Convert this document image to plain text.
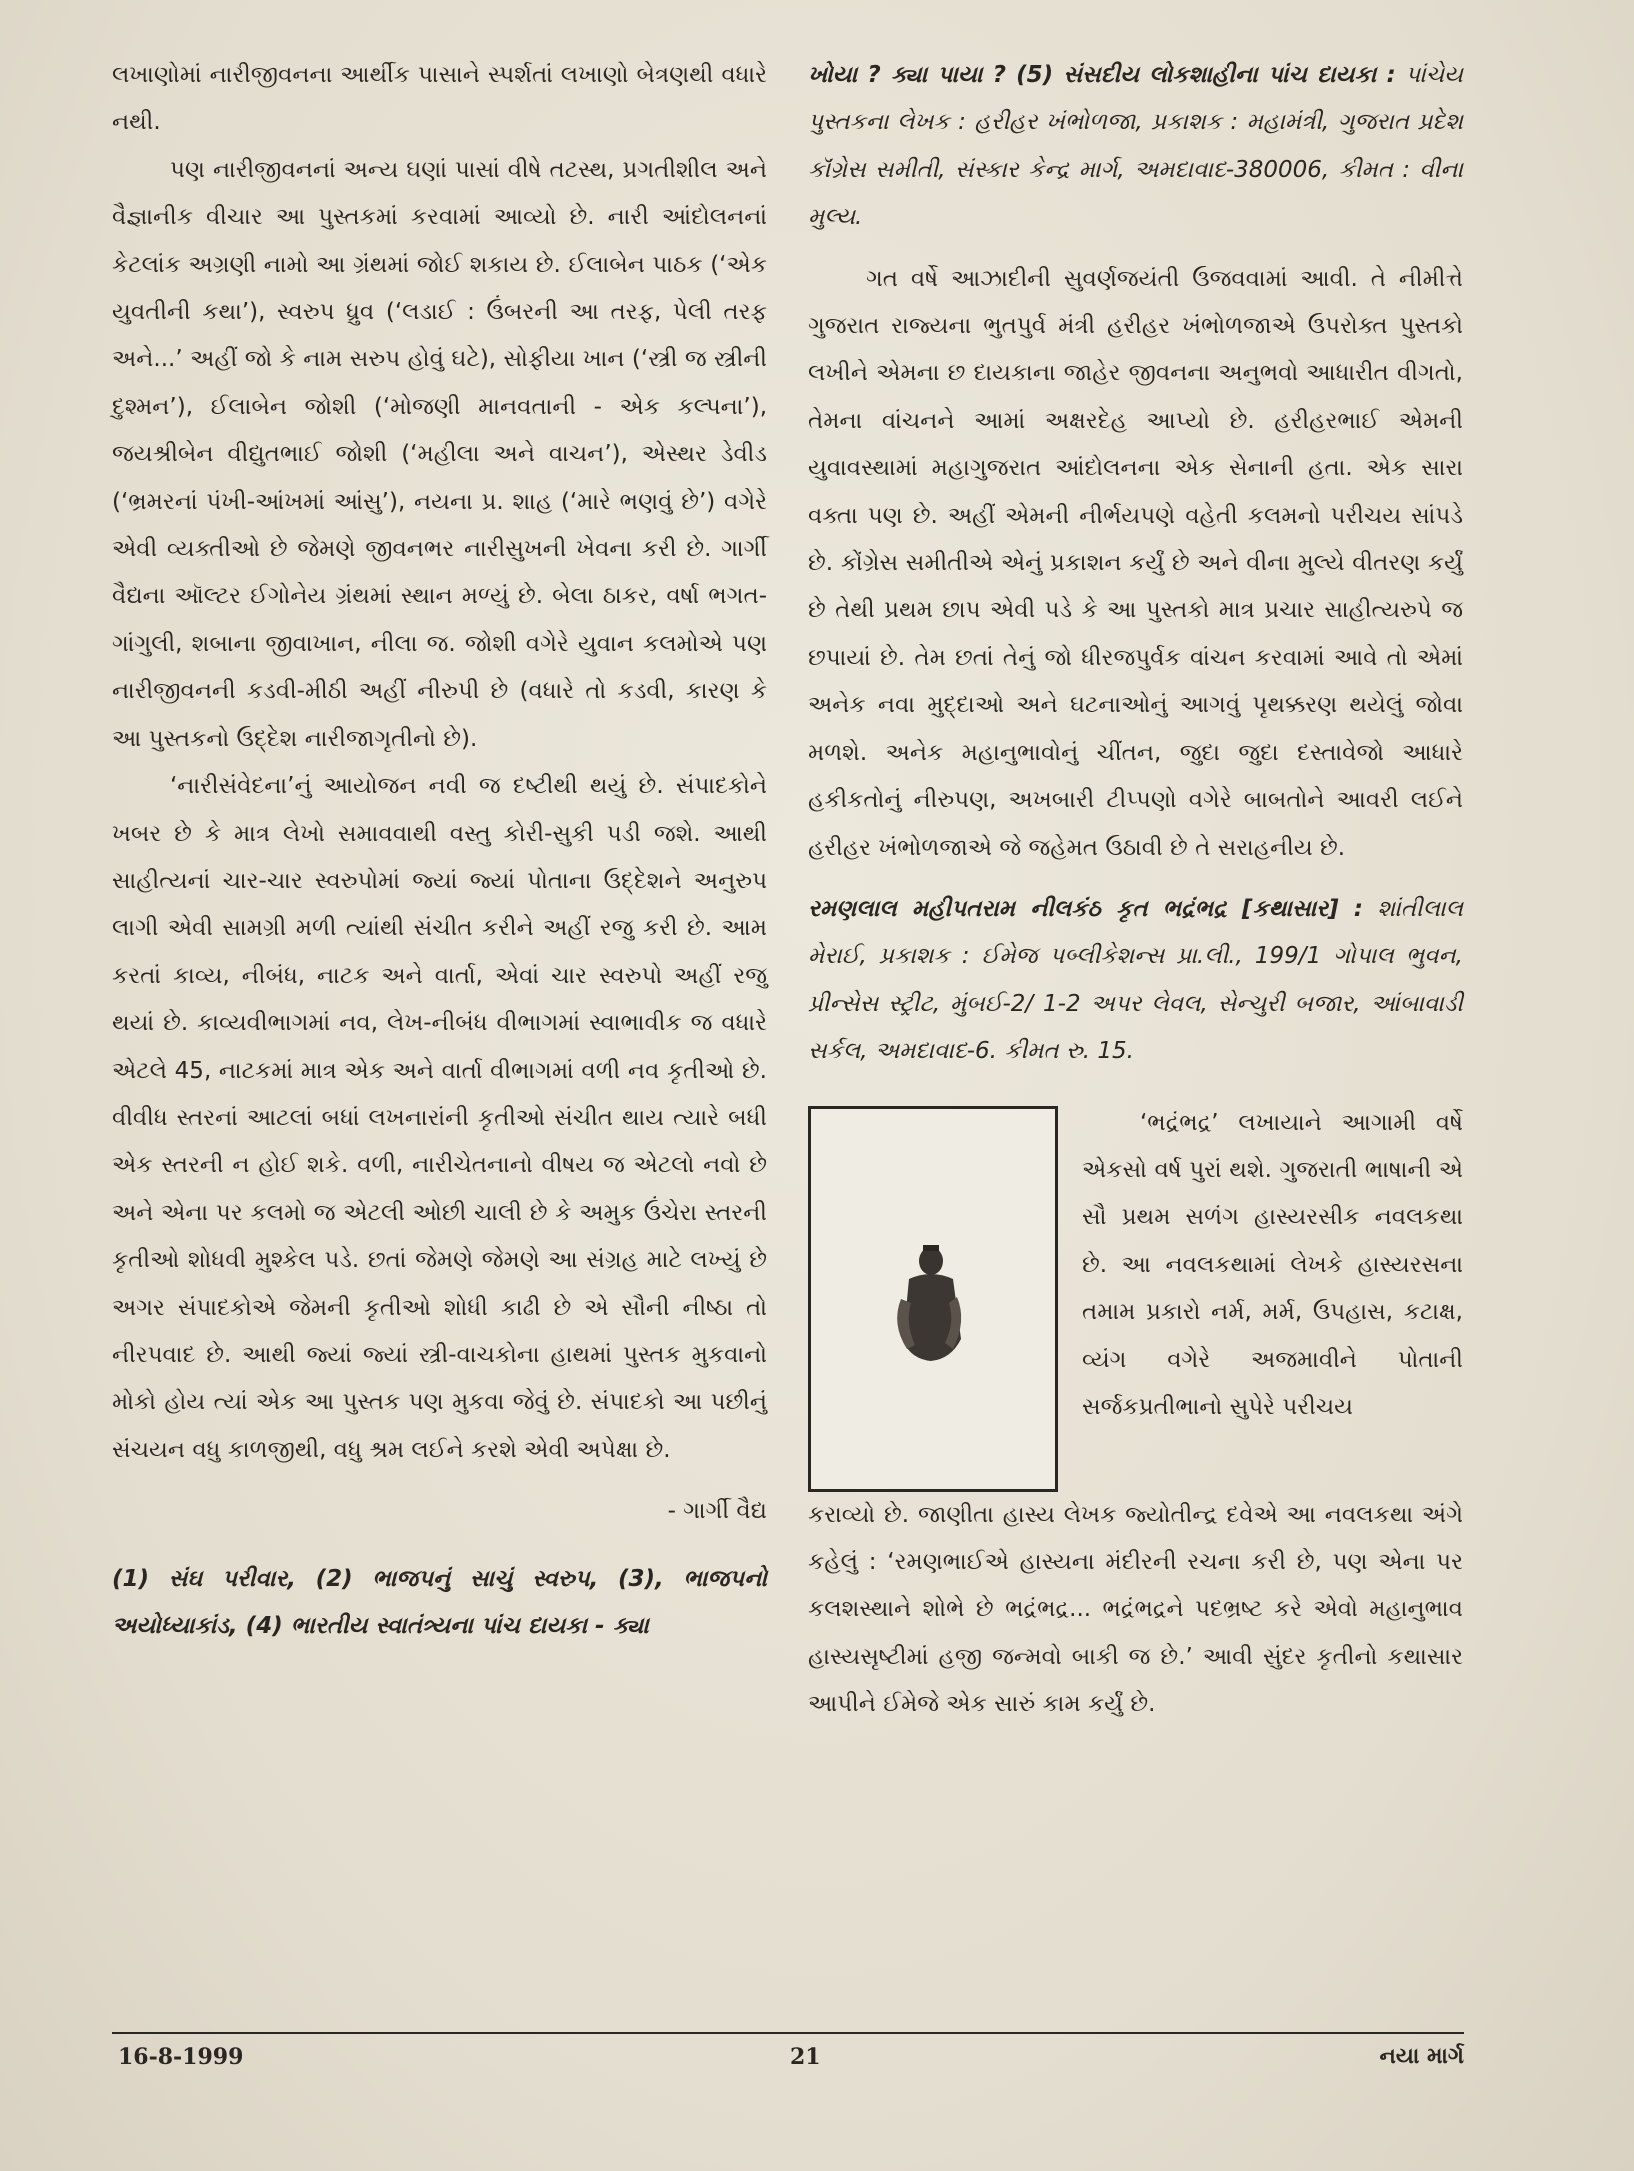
લખાણોમાં નારીજીવનના આર્થીક પાસાને સ્પર્શતાં લખાણો બેત્રણથી વધારે નથી.

પણ નારીજીવનનાં અન્ય ઘણાં પાસાં વીષે તટસ્થ, પ્રગતીશીલ અને વૈજ્ઞાનીક વીચાર આ પુસ્તકમાં કરવામાં આવ્યો છે. નારી આંદોલનનાં કેટલાંક અગ્રણી નામો આ ગ્રંથમાં જોઈ શકાય છે. ઈલાબેન પાઠક (‘એક યુવતીની કથા’), સ્વરુપ ધ્રુવ (‘લડાઈ : ઉંબરની આ તરફ, પેલી તરફ અને...’ અહીં જો કે નામ સરુપ હોવું ઘટે), સોફીયા ખાન (‘સ્ત્રી જ સ્ત્રીની દુશ્મન’), ઈલાબેન જોશી (‘મોજણી માનવતાની - એક કલ્પના’), જયશ્રીબેન વીદ્યુતભાઈ જોશી (‘મહીલા અને વાચન’), એસ્થર ડેવીડ (‘ભ્રમરનાં પંખી-આંખમાં આંસુ’), નયના પ્ર. શાહ (‘મારે ભણવું છે’) વગેરે એવી વ્યક્તીઓ છે જેમણે જીવનભર નારીસુખની ખેવના કરી છે. ગાર્ગી વૈદ્યના ઑલ્ટર ઈગોનેય ગ્રંથમાં સ્થાન મળ્યું છે. બેલા ઠાકર, વર્ષા ભગત-ગાંગુલી, શબાના જીવાખાન, નીલા જ. જોશી વગેરે યુવાન કલમોએ પણ નારીજીવનની કડવી-મીઠી અહીં નીરુપી છે (વધારે તો કડવી, કારણ કે આ પુસ્તકનો ઉદ્દેશ નારીજાગૃતીનો છે).

‘નારીસંવેદના’નું આયોજન નવી જ દષ્ટીથી થયું છે. સંપાદકોને ખબર છે કે માત્ર લેખો સમાવવાથી વસ્તુ કોરી-સુકી પડી જશે. આથી સાહીત્યનાં ચાર-ચાર સ્વરુપોમાં જ્યાં જ્યાં પોતાના ઉદ્દેશને અનુરુપ લાગી એવી સામગ્રી મળી ત્યાંથી સંચીત કરીને અહીં રજુ કરી છે. આમ કરતાં કાવ્ય, નીબંધ, નાટક અને વાર્તા, એવાં ચાર સ્વરુપો અહીં રજુ થયાં છે. કાવ્યવીભાગમાં નવ, લેખ-નીબંધ વીભાગમાં સ્વાભાવીક જ વધારે એટલે 45, નાટકમાં માત્ર એક અને વાર્તા વીભાગમાં વળી નવ કૃતીઓ છે. વીવીધ સ્તરનાં આટલાં બધાં લખનારાંની કૃતીઓ સંચીત થાય ત્યારે બધી એક સ્તરની ન હોઈ શકે. વળી, નારીચેતનાનો વીષય જ એટલો નવો છે અને એના પર કલમો જ એટલી ઓછી ચાલી છે કે અમુક ઉંચેરા સ્તરની કૃતીઓ શોધવી મુશ્કેલ પડે. છતાં જેમણે જેમણે આ સંગ્રહ માટે લખ્યું છે અગર સંપાદકોએ જેમની કૃતીઓ શોધી કાઢી છે એ સૌની નીષ્ઠા તો નીરપવાદ છે. આથી જ્યાં જ્યાં સ્ત્રી-વાચકોના હાથમાં પુસ્તક મુકવાનો મોકો હોય ત્યાં એક આ પુસ્તક પણ મુકવા જેવું છે. સંપાદકો આ પછીનું સંચયન વધુ કાળજીથી, વધુ શ્રમ લઈને કરશે એવી અપેક્ષા છે.

- ગાર્ગી વૈદ્ય

(1) સંઘ પરીવાર, (2) ભાજપનું સાચું સ્વરુપ, (3), ભાજપનો અયોધ્યાકાંડ, (4) ભારતીય સ્વાતંત્ર્યના પાંચ દાયકા - ક્યા

ખોયા ? ક્યા પાયા ? (5) સંસદીય લોકશાહીના પાંચ દાયકા : પાંચેય પુસ્તકના લેખક : હરીહર ખંભોળજા, પ્રકાશક : મહામંત્રી, ગુજરાત પ્રદેશ કૉંગ્રેસ સમીતી, સંસ્કાર કેન્દ્ર માર્ગ, અમદાવાદ-380006, કીમત : વીના મુલ્ય.

ગત વર્ષે આઝાદીની સુવર્ણજયંતી ઉજવવામાં આવી. તે નીમીત્તે ગુજરાત રાજ્યના ભુતપુર્વ મંત્રી હરીહર ખંભોળજાએ ઉપરોક્ત પુસ્તકો લખીને એમના છ દાયકાના જાહેર જીવનના અનુભવો આધારીત વીગતો, તેમના વાંચનને આમાં અક્ષરદેહ આપ્યો છે. હરીહરભાઈ એમની યુવાવસ્થામાં મહાગુજરાત આંદોલનના એક સેનાની હતા. એક સારા વક્તા પણ છે. અહીં એમની નીર્ભયપણે વહેતી કલમનો પરીચય સાંપડે છે. કોંગ્રેસ સમીતીએ એનું પ્રકાશન કર્યું છે અને વીના મુલ્યે વીતરણ કર્યું છે તેથી પ્રથમ છાપ એવી પડે કે આ પુસ્તકો માત્ર પ્રચાર સાહીત્યરુપે જ છપાયાં છે. તેમ છતાં તેનું જો ધીરજપુર્વક વાંચન કરવામાં આવે તો એમાં અનેક નવા મુદ્દાઓ અને ઘટનાઓનું આગવું પૃથક્કરણ થયેલું જોવા મળશે. અનેક મહાનુભાવોનું ચીંતન, જુદા જુદા દસ્તાવેજો આધારે હકીકતોનું નીરુપણ, અખબારી ટીપ્પણો વગેરે બાબતોને આવરી લઈને હરીહર ખંભોળજાએ જે જહેમત ઉઠાવી છે તે સરાહનીય છે.

રમણલાલ મહીપતરામ નીલકંઠ કૃત ભદ્રંભદ્ર [કથાસાર] : શાંતીલાલ મેરાઈ, પ્રકાશક : ઈમેજ પબ્લીકેશન્સ પ્રા.લી., 199/1 ગોપાલ ભુવન, પ્રીન્સેસ સ્ટ્રીટ, મુંબઈ-2/ 1-2 અપર લેવલ, સેન્ચુરી બજાર, આંબાવાડી સર્કલ, અમદાવાદ-6. કીમત રુ. 15.

‘ભદ્રંભદ્ર’ લખાયાને આગામી વર્ષે એકસો વર્ષ પુરાં થશે. ગુજરાતી ભાષાની એ સૌ પ્રથમ સળંગ હાસ્યરસીક નવલકથા છે. આ નવલકથામાં લેખકે હાસ્યરસના તમામ પ્રકારો નર્મ, મર્મ, ઉપહાસ, કટાક્ષ, વ્યંગ વગેરે અજમાવીને પોતાની સર્જકપ્રતીભાનો સુપેરે પરીચય

કરાવ્યો છે. જાણીતા હાસ્ય લેખક જ્યોતીન્દ્ર દવેએ આ નવલકથા અંગે કહેલું : ‘રમણભાઈએ હાસ્યના મંદીરની રચના કરી છે, પણ એના પર કલશસ્થાને શોભે છે ભદ્રંભદ્ર... ભદ્રંભદ્રને પદભ્રષ્ટ કરે એવો મહાનુભાવ હાસ્યસૃષ્ટીમાં હજી જન્મવો બાકી જ છે.’ આવી સુંદર કૃતીનો કથાસાર આપીને ઈમેજે એક સારું કામ કર્યું છે.

16-8-1999	21	નયા માર્ગ
